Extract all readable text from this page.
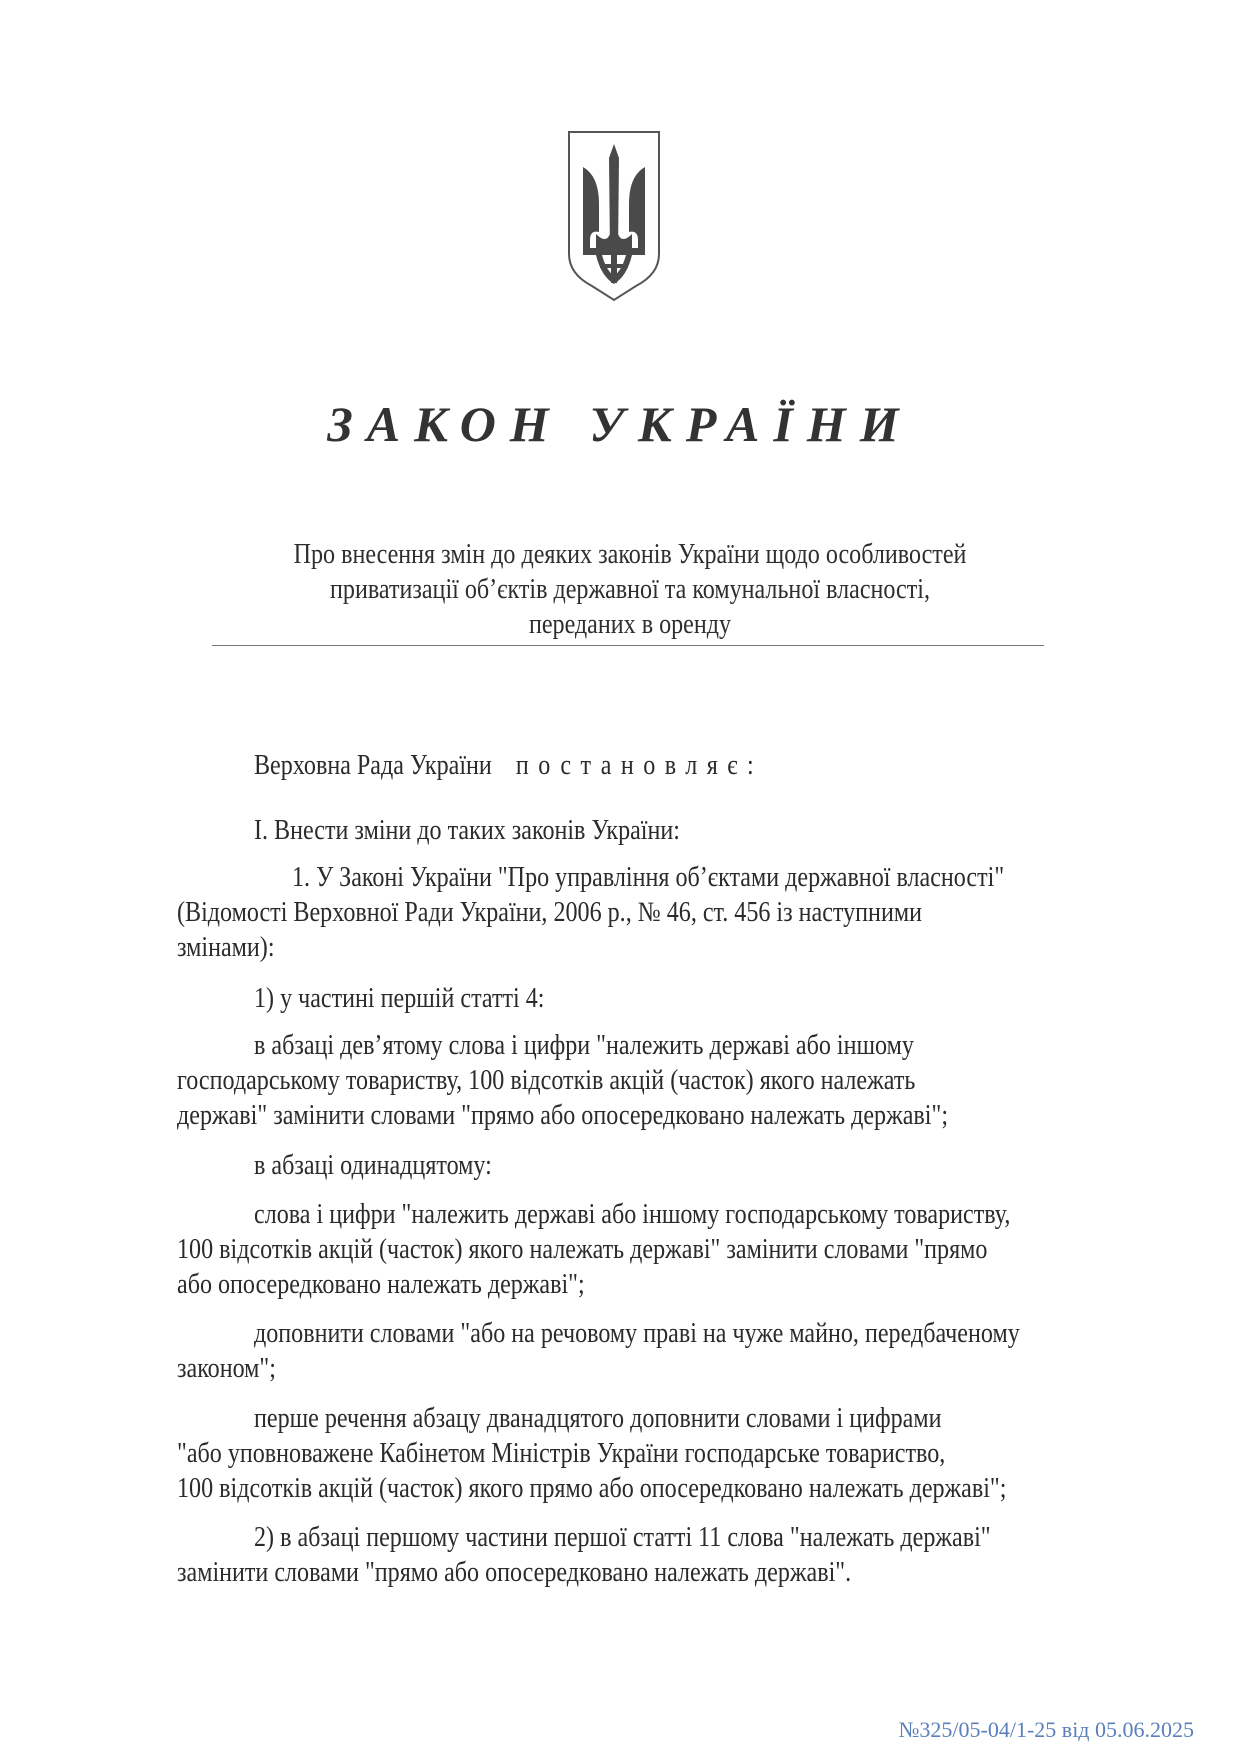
ЗАКОН УКРАЇНИ
Про внесення змін до деяких законів України щодо особливостей
приватизації об’єктів державної та комунальної власності,
переданих в оренду
Верховна Рада України постановляє:
І. Внести зміни до таких законів України:
1. У Законі України "Про управління об’єктами державної власності"
(Відомості Верховної Ради України, 2006 р., № 46, ст. 456 із наступними
змінами):
1) у частині першій статті 4:
в абзаці дев’ятому слова і цифри "належить державі або іншому
господарському товариству, 100 відсотків акцій (часток) якого належать
державі" замінити словами "прямо або опосередковано належать державі";
в абзаці одинадцятому:
слова і цифри "належить державі або іншому господарському товариству,
100 відсотків акцій (часток) якого належать державі" замінити словами "прямо
або опосередковано належать державі";
доповнити словами "або на речовому праві на чуже майно, передбаченому
законом";
перше речення абзацу дванадцятого доповнити словами і цифрами
"або уповноважене Кабінетом Міністрів України господарське товариство,
100 відсотків акцій (часток) якого прямо або опосередковано належать державі";
2) в абзаці першому частини першої статті 11 слова "належать державі"
замінити словами "прямо або опосередковано належать державі".
№325/05-04/1-25 від 05.06.2025
